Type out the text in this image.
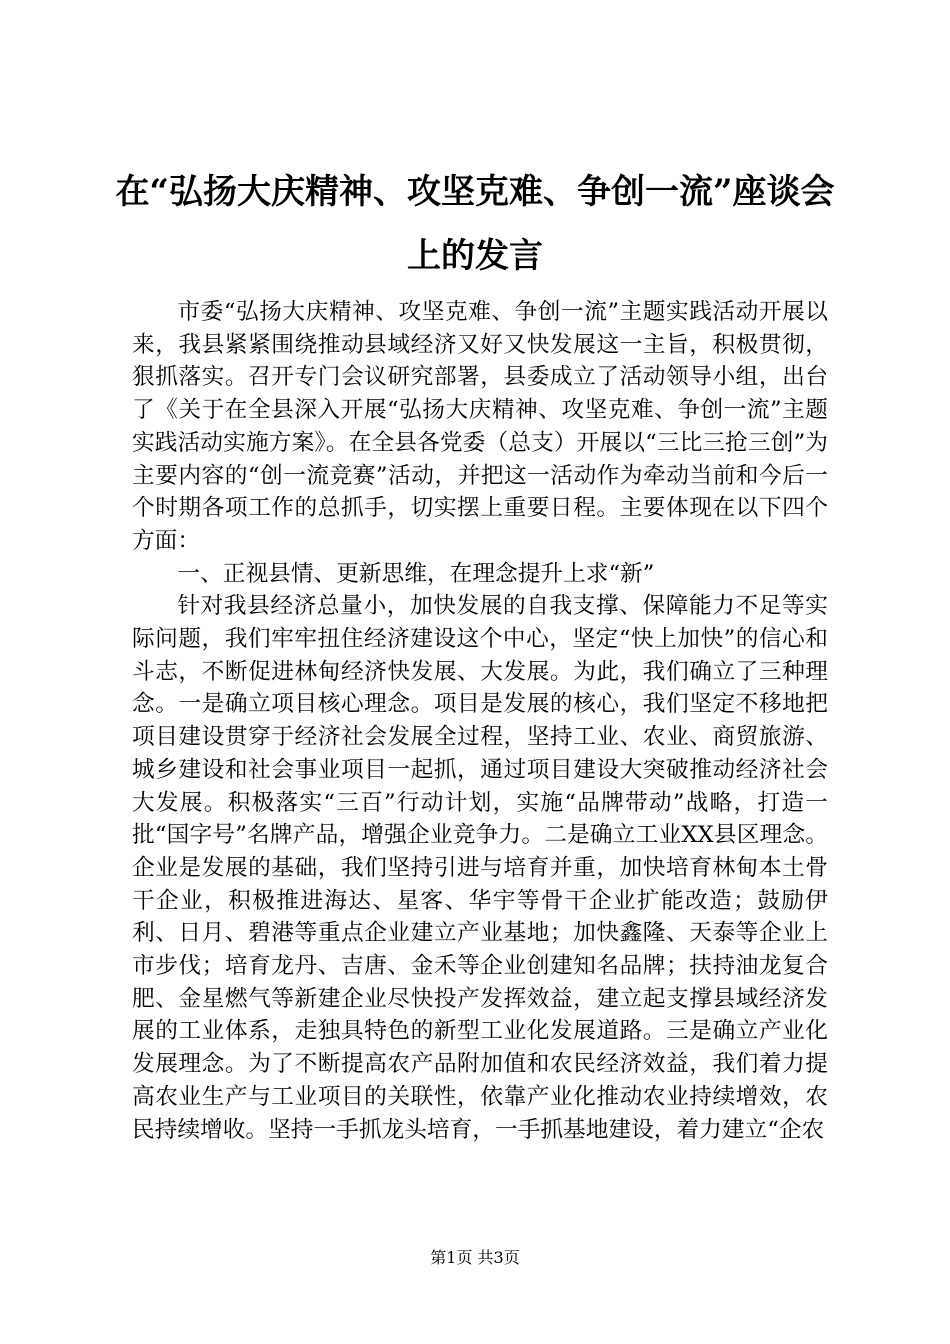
在“弘扬大庆精神、攻坚克难、争创一流”座谈会上的发言

市委“弘扬大庆精神、攻坚克难、争创一流”主题实践活动开展以来，我县紧紧围绕推动县域经济又好又快发展这一主旨，积极贯彻，狠抓落实。召开专门会议研究部署，县委成立了活动领导小组，出台了《关于在全县深入开展“弘扬大庆精神、攻坚克难、争创一流”主题实践活动实施方案》。在全县各党委（总支）开展以“三比三抢三创”为主要内容的“创一流竞赛”活动，并把这一活动作为牵动当前和今后一个时期各项工作的总抓手，切实摆上重要日程。主要体现在以下四个方面：

一、正视县情、更新思维，在理念提升上求“新”

针对我县经济总量小，加快发展的自我支撑、保障能力不足等实际问题，我们牢牢扭住经济建设这个中心，坚定“快上加快”的信心和斗志，不断促进林甸经济快发展、大发展。为此，我们确立了三种理念。一是确立项目核心理念。项目是发展的核心，我们坚定不移地把项目建设贯穿于经济社会发展全过程，坚持工业、农业、商贸旅游、城乡建设和社会事业项目一起抓，通过项目建设大突破推动经济社会大发展。积极落实“三百”行动计划，实施“品牌带动”战略，打造一批“国字号”名牌产品，增强企业竞争力。二是确立工业XX县区理念。企业是发展的基础，我们坚持引进与培育并重，加快培育林甸本土骨干企业，积极推进海达、星客、华宇等骨干企业扩能改造；鼓励伊利、日月、碧港等重点企业建立产业基地；加快鑫隆、天泰等企业上市步伐；培育龙丹、吉唐、金禾等企业创建知名品牌；扶持油龙复合肥、金星燃气等新建企业尽快投产发挥效益，建立起支撑县域经济发展的工业体系，走独具特色的新型工业化发展道路。三是确立产业化发展理念。为了不断提高农产品附加值和农民经济效益，我们着力提高农业生产与工业项目的关联性，依靠产业化推动农业持续增效，农民持续增收。坚持一手抓龙头培育，一手抓基地建设，着力建立“企农

第1页 共3页
